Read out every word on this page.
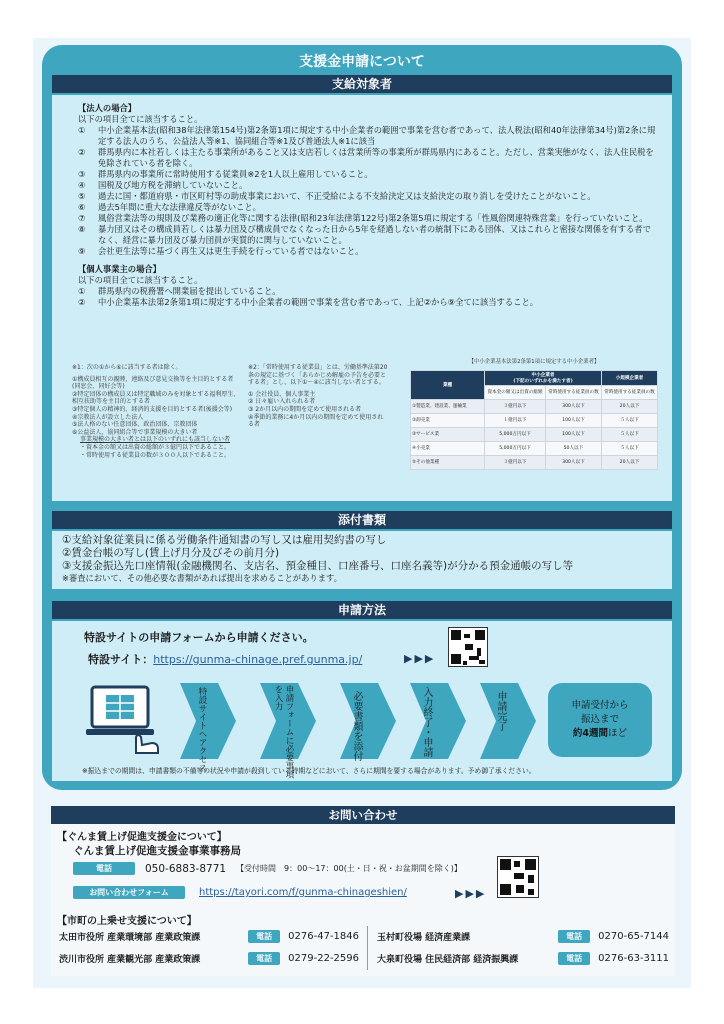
支援金申請について
支給対象者
【法人の場合】
以下の項目全てに該当すること。
①	中小企業基本法(昭和38年法律第154号)第2条第1項に規定する中小企業者の範囲で事業を営む者であって、法人税法(昭和40年法律第34号)第2条に規定する法人のうち、公益法人等※1、協同組合等※1及び普通法人※1に該当
②	群馬県内に本社若しくは主たる事業所があること又は支店若しくは営業所等の事業所が群馬県内にあること。ただし、営業実態がなく、法人住民税を免除されている者を除く。
③	群馬県内の事業所に常時使用する従業員※2を1人以上雇用していること。
④	国税及び地方税を滞納していないこと。
⑤	過去に国・都道府県・市区町村等の助成事業において、不正受給による不支給決定又は支給決定の取り消しを受けたことがないこと。
⑥	過去5年間に重大な法律違反等がないこと。
⑦	風俗営業法等の規則及び業務の適正化等に関する法律(昭和23年法律第122号)第2条第5項に規定する「性風俗関連特殊営業」を行っていないこと。
⑧	暴力団又はその構成員若しくは暴力団及び構成員でなくなった日から5年を経過しない者の統制下にある団体、又はこれらと密接な関係を有する者でなく、経営に暴力団及び暴力団員が実質的に関与していないこと。
⑨	会社更生法等に基づく再生又は更生手続を行っている者ではないこと。
【個人事業主の場合】
以下の項目全てに該当すること。
①	群馬県内の税務署へ開業届を提出していること。
②	中小企業基本法第2条第1項に規定する中小企業者の範囲で事業を営む者であって、上記②から⑨全てに該当すること。
※1：次の①から⑥に該当する者は除く。
①構成員相互の親睦、連絡及び意見交換等を主目的とする者(同窓会、同好会等)
②特定団体の構成員又は特定職域のみを対象とする福利厚生、相互扶助等を主目的とする者
③特定個人の精神的、経済的支援を目的とする者(後援会等)
④宗教法人が設立した法人
⑤法人格のない任意団体、政治団体、宗教団体
⑥公益法人、協同組合等で事業規模の大きい者
事業規模の大きい者とは以下のいずれにも該当しない者
・資本金の額又は出資の総額が３億円以下であること。
・常時使用する従業員の数が３００人以下であること。
※2：「常時使用する従業員」とは、労働基準法第20条の規定に基づく「あらかじめ解雇の予告を必要とする者」とし、以下①〜④に該当しない者とする。
① 会社役員、個人事業主
② 日々雇い入れられる者
③ 2か月以内の期間を定めて使用される者
④季節的業務に4か月以内の期間を定めて使用される者
【中小企業基本法第2条第1項に規定する中小企業者】
業種	中小企業者
(下記のいずれかを満たす者)		小規模企業者
	資本金の額又は出資の総額	常時使用する従業員の数	常時使用する従業員の数
①製造業、建設業、運輸業	３億円以下	300人以下	20人以下
②卸売業	１億円以下	100人以下	５人以下
③サービス業	5,000万円以下	100人以下	５人以下
④小売業	5,000万円以下	50人以下	５人以下
⑤その他業種	３億円以下	300人以下	20人以下
添付書類
①支給対象従業員に係る労働条件通知書の写し又は雇用契約書の写し
②賃金台帳の写し(賃上げ月分及びその前月分)
③支援金振込先口座情報(金融機関名、支店名、預金種目、口座番号、口座名義等)が分かる預金通帳の写し等
※審査において、その他必要な書類があれば提出を求めることがあります。
申請方法
特設サイトの申請フォームから申請ください。
特設サイト：https://gunma-chinage.pref.gunma.jp/	▶▶▶
特設サイトへアクセス	申請フォームに必要事項を入力	必要書類を添付	入力終了・申請	申請完了	申請受付から
振込まで
約4週間ほど
※振込までの期間は、申請書類の不備等の状況や申請が殺到している時期などにおいて、さらに期間を要する場合があります。予め御了承ください。
お問い合わせ
【ぐんま賃上げ促進支援金について】
ぐんま賃上げ促進支援金事業事務局
電話	050-6883-8771 【受付時間　9：00～17：00(土・日・祝・お盆期間を除く)】
お問い合わせフォーム	https://tayori.com/f/gunma-chinageshien/	▶▶▶
【市町の上乗せ支援について】
太田市役所 産業環境部 産業政策課	電話	0276-47-1846 玉村町役場 経済産業課	電話	0270-65-7144
渋川市役所 産業観光部 産業政策課	電話	0279-22-2596 大泉町役場 住民経済部 経済振興課	電話	0276-63-3111
